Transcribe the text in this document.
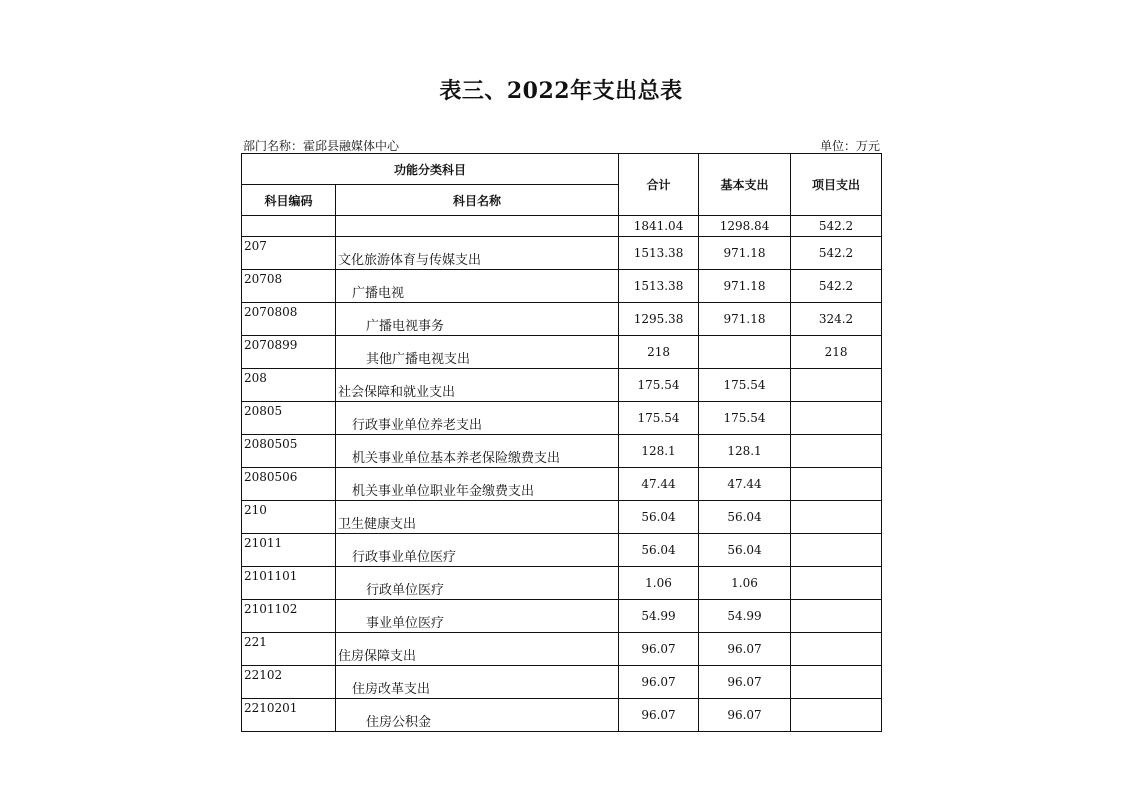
表三、2022年支出总表
部门名称：霍邱县融媒体中心	单位：万元
功能分类科目		合计	基本支出	项目支出
科目编码	科目名称			
		1841.04	1298.84	542.2
207	文化旅游体育与传媒支出	1513.38	971.18	542.2
20708	广播电视	1513.38	971.18	542.2
2070808	广播电视事务	1295.38	971.18	324.2
2070899	其他广播电视支出	218		218
208	社会保障和就业支出	175.54	175.54	
20805	行政事业单位养老支出	175.54	175.54	
2080505	机关事业单位基本养老保险缴费支出	128.1	128.1	
2080506	机关事业单位职业年金缴费支出	47.44	47.44	
210	卫生健康支出	56.04	56.04	
21011	行政事业单位医疗	56.04	56.04	
2101101	行政单位医疗	1.06	1.06	
2101102	事业单位医疗	54.99	54.99	
221	住房保障支出	96.07	96.07	
22102	住房改革支出	96.07	96.07	
2210201	住房公积金	96.07	96.07	
